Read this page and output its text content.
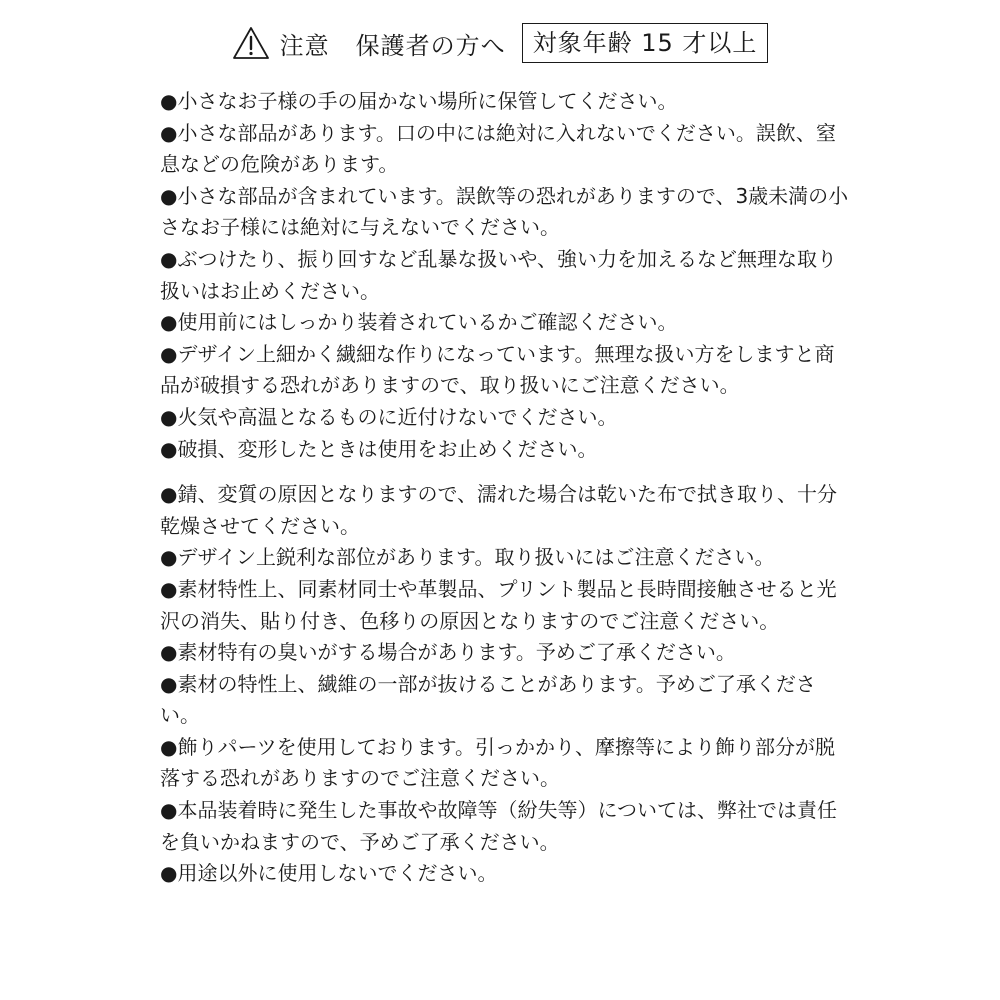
注意 保護者の方へ	対象年齢 15 才以上
●小さなお子様の手の届かない場所に保管してください。
●小さな部品があります。口の中には絶対に入れないでください。誤飲、窒息などの危険があります。
●小さな部品が含まれています。誤飲等の恐れがありますので、3歳未満の小さなお子様には絶対に与えないでください。
●ぶつけたり、振り回すなど乱暴な扱いや、強い力を加えるなど無理な取り扱いはお止めください。
●使用前にはしっかり装着されているかご確認ください。
●デザイン上細かく繊細な作りになっています。無理な扱い方をしますと商品が破損する恐れがありますので、取り扱いにご注意ください。
●火気や高温となるものに近付けないでください。
●破損、変形したときは使用をお止めください。
●錆、変質の原因となりますので、濡れた場合は乾いた布で拭き取り、十分乾燥させてください。
●デザイン上鋭利な部位があります。取り扱いにはご注意ください。
●素材特性上、同素材同士や革製品、プリント製品と長時間接触させると光沢の消失、貼り付き、色移りの原因となりますのでご注意ください。
●素材特有の臭いがする場合があります。予めご了承ください。
●素材の特性上、繊維の一部が抜けることがあります。予めご了承ください。
●飾りパーツを使用しております。引っかかり、摩擦等により飾り部分が脱落する恐れがありますのでご注意ください。
●本品装着時に発生した事故や故障等（紛失等）については、弊社では責任を負いかねますので、予めご了承ください。
●用途以外に使用しないでください。
